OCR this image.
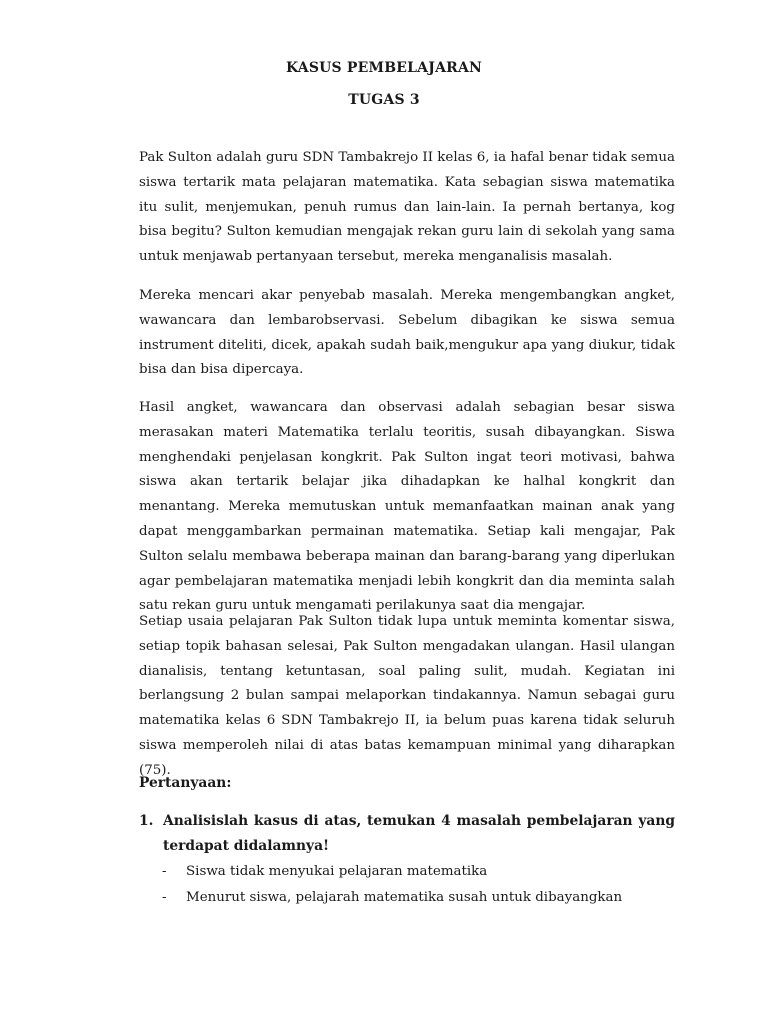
KASUS PEMBELAJARAN
TUGAS 3

Pak Sulton adalah guru SDN Tambakrejo II kelas 6, ia hafal benar tidak semua siswa tertarik mata pelajaran matematika. Kata sebagian siswa matematika itu sulit, menjemukan, penuh rumus dan lain-lain. Ia pernah bertanya, kog bisa begitu? Sulton kemudian mengajak rekan guru lain di sekolah yang sama untuk menjawab pertanyaan tersebut, mereka menganalisis masalah.

Mereka mencari akar penyebab masalah. Mereka mengembangkan angket, wawancara dan lembarobservasi. Sebelum dibagikan ke siswa semua instrument diteliti, dicek, apakah sudah baik,mengukur apa yang diukur, tidak bisa dan bisa dipercaya.

Hasil angket, wawancara dan observasi adalah sebagian besar siswa merasakan materi Matematika terlalu teoritis, susah dibayangkan. Siswa menghendaki penjelasan kongkrit. Pak Sulton ingat teori motivasi, bahwa siswa akan tertarik belajar jika dihadapkan ke halhal kongkrit dan menantang. Mereka memutuskan untuk memanfaatkan mainan anak yang dapat menggambarkan permainan matematika. Setiap kali mengajar, Pak Sulton selalu membawa beberapa mainan dan barang-barang yang diperlukan agar pembelajaran matematika menjadi lebih kongkrit dan dia meminta salah satu rekan guru untuk mengamati perilakunya saat dia mengajar.

Setiap usaia pelajaran Pak Sulton tidak lupa untuk meminta komentar siswa, setiap topik bahasan selesai, Pak Sulton mengadakan ulangan. Hasil ulangan dianalisis, tentang ketuntasan, soal paling sulit, mudah. Kegiatan ini berlangsung 2 bulan sampai melaporkan tindakannya. Namun sebagai guru matematika kelas 6 SDN Tambakrejo II, ia belum puas karena tidak seluruh siswa memperoleh nilai di atas batas kemampuan minimal yang diharapkan (75).

Pertanyaan:
1. Analisislah kasus di atas, temukan 4 masalah pembelajaran yang terdapat didalamnya!
- Siswa tidak menyukai pelajaran matematika
- Menurut siswa, pelajarah matematika susah untuk dibayangkan
